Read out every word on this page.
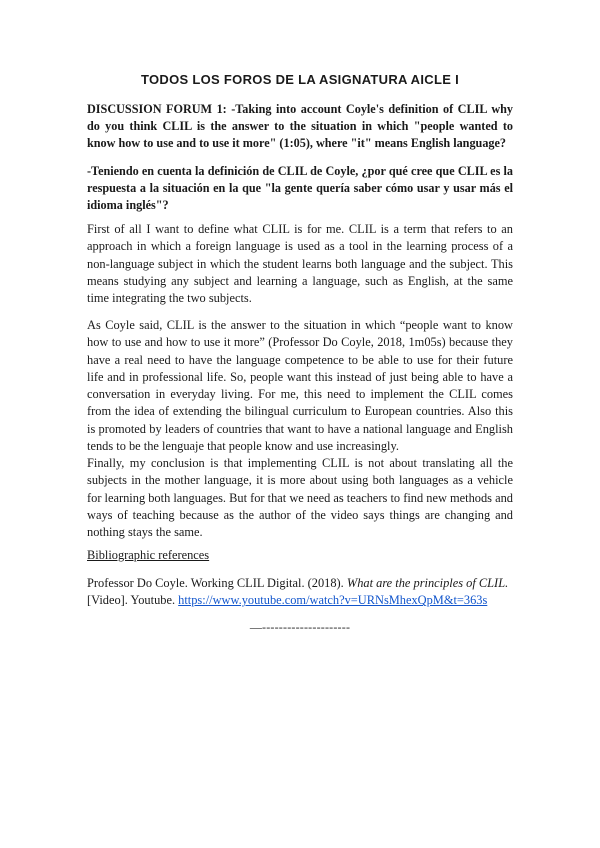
TODOS LOS FOROS DE LA ASIGNATURA AICLE I
DISCUSSION FORUM 1: -Taking into account Coyle's definition of CLIL why do you think CLIL is the answer to the situation in which "people wanted to know how to use and to use it more" (1:05), where "it" means English language?
-Teniendo en cuenta la definición de CLIL de Coyle, ¿por qué cree que CLIL es la respuesta a la situación en la que "la gente quería saber cómo usar y usar más el idioma inglés"?
First of all I want to define what CLIL is for me. CLIL is a term that refers to an approach in which a foreign language is used as a tool in the learning process of a non-language subject in which the student learns both language and the subject. This means studying any subject and learning a language, such as English, at the same time integrating the two subjects.
As Coyle said, CLIL is the answer to the situation in which “people want to know how to use and how to use it more” (Professor Do Coyle, 2018, 1m05s) because they have a real need to have the language competence to be able to use for their future life and in professional life. So, people want this instead of just being able to have a conversation in everyday living. For me, this need to implement the CLIL comes from the idea of extending the bilingual curriculum to European countries. Also this is promoted by leaders of countries that want to have a national language and English tends to be the lenguaje that people know and use increasingly.
Finally, my conclusion is that implementing CLIL is not about translating all the subjects in the mother language, it is more about using both languages as a vehicle for learning both languages. But for that we need as teachers to find new methods and ways of teaching because as the author of the video says things are changing and nothing stays the same.
Bibliographic references
Professor Do Coyle. Working CLIL Digital. (2018). What are the principles of CLIL. [Video]. Youtube. https://www.youtube.com/watch?v=URNsMhexQpM&t=363s
—---------------------
